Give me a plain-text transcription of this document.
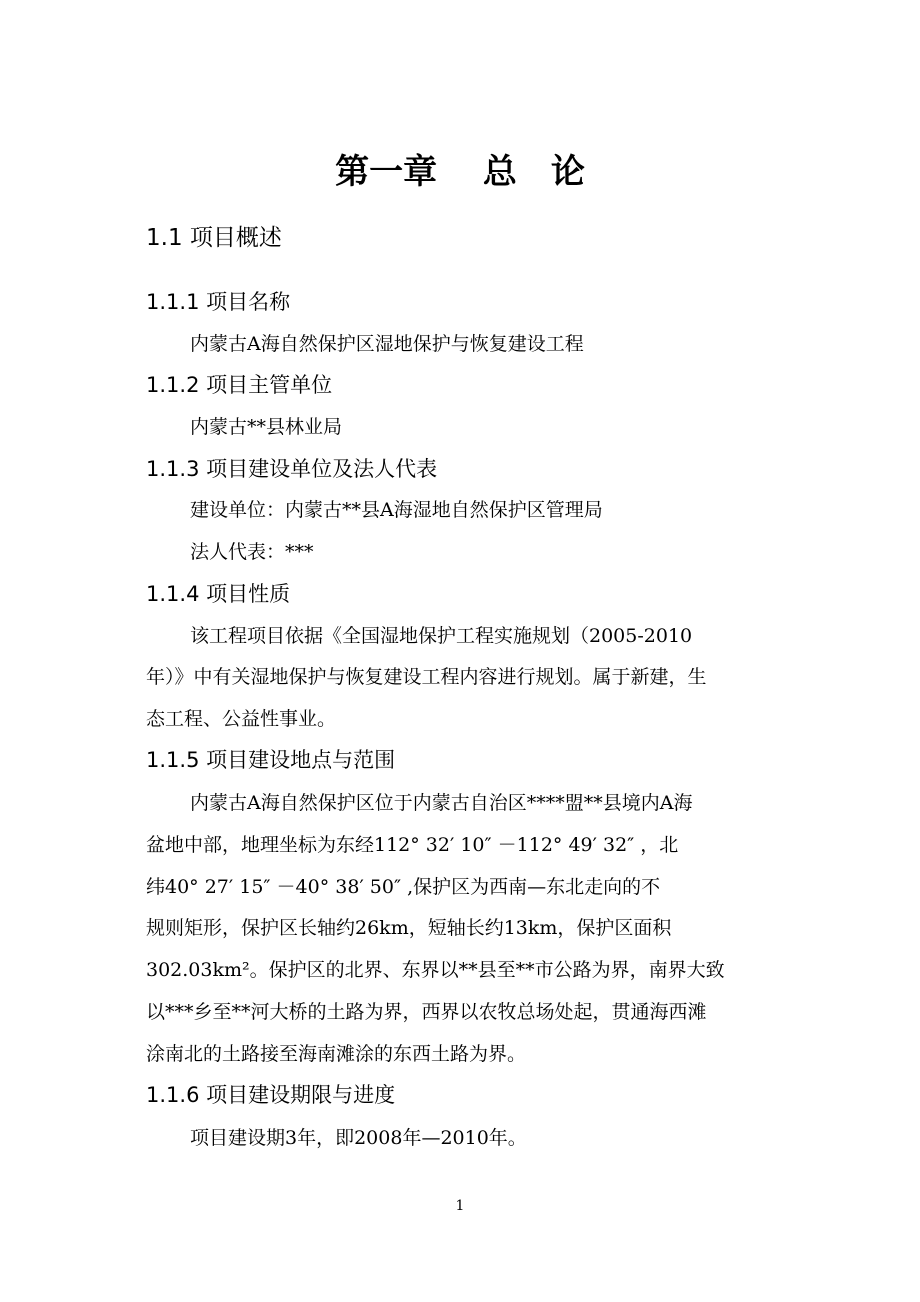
第一章　 总　论
1.1 项目概述
1.1.1 项目名称
内蒙古A海自然保护区湿地保护与恢复建设工程
1.1.2 项目主管单位
内蒙古**县林业局
1.1.3 项目建设单位及法人代表
建设单位：内蒙古**县A海湿地自然保护区管理局
法人代表：***
1.1.4 项目性质
该工程项目依据《全国湿地保护工程实施规划（2005-2010
年）》中有关湿地保护与恢复建设工程内容进行规划。属于新建，生
态工程、公益性事业。
1.1.5 项目建设地点与范围
内蒙古A海自然保护区位于内蒙古自治区****盟**县境内A海
盆地中部，地理坐标为东经112° 32′ 10″ －112° 49′ 32″ ，北
纬40° 27′ 15″ －40° 38′ 50″ ,保护区为西南—东北走向的不
规则矩形，保护区长轴约26km，短轴长约13km，保护区面积
302.03km²。保护区的北界、东界以**县至**市公路为界，南界大致
以***乡至**河大桥的土路为界，西界以农牧总场处起，贯通海西滩
涂南北的土路接至海南滩涂的东西土路为界。
1.1.6 项目建设期限与进度
项目建设期3年，即2008年—2010年。
1
